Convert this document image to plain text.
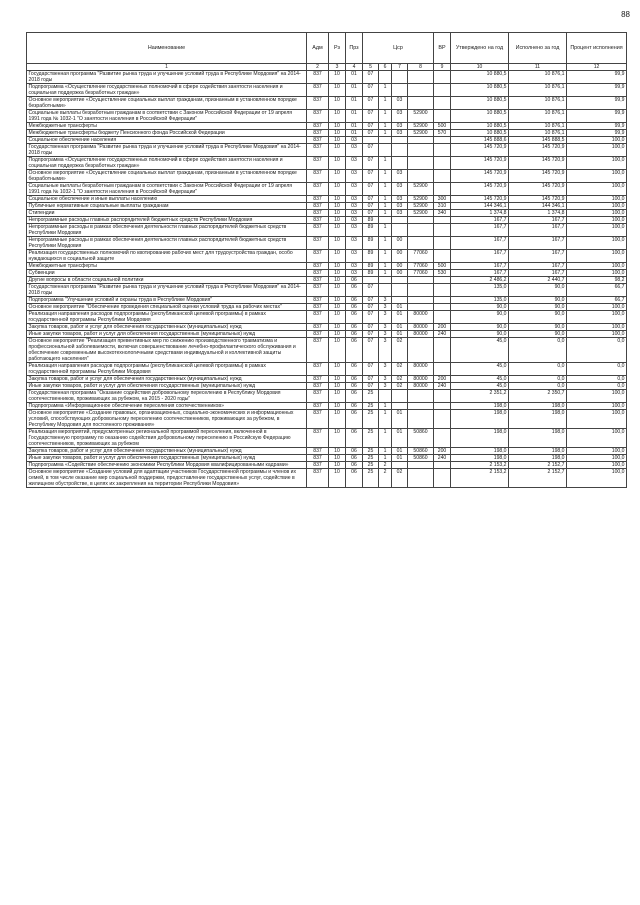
88
Наименование	Адм	Рз	Прз	Цср				ВР	Утверждено на год	Исполнено за год	Процент исполнения
1	2	3	4	5	6	7	8	9	10	11	12
Государственная программа "Развитие рынка труда и улучшение условий труда в Республике Мордовия" на 2014-2018 годы	837	10	01	07					10 880,5	10 876,1	99,9
Подпрограмма «Осуществление государственных полномочий в сфере содействия занятости населения и социальная поддержка безработных граждан»	837	10	01	07	1				10 880,5	10 876,1	99,9
Основное мероприятие «Осуществление социальных выплат гражданам, признанным в установленном порядке безработными»	837	10	01	07	1	03			10 880,5	10 876,1	99,9
Социальные выплаты безработным гражданам в соответствии с Законом Российской Федерации от 19 апреля 1991 года № 1032-1 "О занятости населения в Российской Федерации"	837	10	01	07	1	03	52900		10 880,5	10 876,1	99,9
Межбюджетные трансферты	837	10	01	07	1	03	52900	500	10 880,5	10 876,1	99,9
Межбюджетные трансферты бюджету Пенсионного фонда Российской Федерации	837	10	01	07	1	03	52900	570	10 880,5	10 876,1	99,9
Социальное обеспечение населения	837	10	03						145 888,6	145 888,5	100,0
Государственная программа "Развитие рынка труда и улучшение условий труда в Республике Мордовия" на 2014-2018 годы	837	10	03	07					145 720,9	145 720,9	100,0
Подпрограмма «Осуществление государственных полномочий в сфере содействия занятости населения и социальная поддержка безработных граждан»	837	10	03	07	1				145 720,9	145 720,9	100,0
Основное мероприятие «Осуществление социальных выплат гражданам, признанным в установленном порядке безработными»	837	10	03	07	1	03			145 720,9	145 720,9	100,0
Социальные выплаты безработным гражданам в соответствии с Законом Российской Федерации от 19 апреля 1991 года № 1032-1 "О занятости населения в Российской Федерации"	837	10	03	07	1	03	52900		145 720,9	145 720,9	100,0
Социальное обеспечение и иные выплаты населению	837	10	03	07	1	03	52900	300	145 720,9	145 720,9	100,0
Публичные нормативные социальные выплаты гражданам	837	10	03	07	1	03	52900	310	144 346,1	144 346,1	100,0
Стипендии	837	10	03	07	1	03	52900	340	1 374,8	1 374,8	100,0
Непрограммные расходы главных распорядителей бюджетных средств Республики Мордовия	837	10	03	89					167,7	167,7	100,0
Непрограммные расходы в рамках обеспечения деятельности главных распорядителей бюджетных средств Республики Мордовия	837	10	03	89	1				167,7	167,7	100,0
Непрограммные расходы в рамках обеспечения деятельности главных распорядителей бюджетных средств Республики Мордовия	837	10	03	89	1	00			167,7	167,7	100,0
Реализация государственных полномочий по квотированию рабочих мест для трудоустройства граждан, особо нуждающихся в социальной защите	837	10	03	89	1	00	77060		167,7	167,7	100,0
Межбюджетные трансферты	837	10	03	89	1	00	77060	500	167,7	167,7	100,0
Субвенции	837	10	03	89	1	00	77060	530	167,7	167,7	100,0
Другие вопросы в области социальной политики	837	10	06						2 486,2	2 440,7	98,2
Государственная программа "Развитие рынка труда и улучшение условий труда в Республике Мордовия" на 2014-2018 годы	837	10	06	07					135,0	90,0	66,7
Подпрограмма "Улучшение условий и охраны труда в Республике Мордовия"	837	10	06	07	3				135,0	90,0	66,7
Основное мероприятие "Обеспечение проведения специальной оценки условий труда на рабочих местах"	837	10	06	07	3	01			90,0	90,0	100,0
Реализация направления расходов подпрограммы (республиканской целевой программы) в рамках государственной программы Республики Мордовия	837	10	06	07	3	01	80000		90,0	90,0	100,0
Закупка товаров, работ и услуг для обеспечения государственных (муниципальных) нужд	837	10	06	07	3	01	80000	200	90,0	90,0	100,0
Иные закупки товаров, работ и услуг для обеспечения государственных (муниципальных) нужд	837	10	06	07	3	01	80000	240	90,0	90,0	100,0
Основное мероприятие "Реализация превентивных мер по снижению производственного травматизма и профессиональной заболеваемости, включая совершенствование лечебно-профилактического обслуживания и обеспечение современными высокотехнологичными средствами индивидуальной и коллективной защиты работающего населения"	837	10	06	07	3	02			45,0	0,0	0,0
Реализация направления расходов подпрограммы (республиканской целевой программы) в рамках государственной программы Республики Мордовия	837	10	06	07	3	02	80000		45,0	0,0	0,0
Закупка товаров, работ и услуг для обеспечения государственных (муниципальных) нужд	837	10	06	07	3	02	80000	200	45,0	0,0	0,0
Иные закупки товаров, работ и услуг для обеспечения государственных (муниципальных) нужд	837	10	06	07	3	02	80000	240	45,0	0,0	0,0
Государственная программа "Оказание содействия добровольному переселению в Республику Мордовия соотечественников, проживающих за рубежом, на 2015 - 2020 годы"	837	10	06	25					2 351,2	2 350,7	100,0
Подпрограмма «Информационное обеспечение переселения соотечественников»	837	10	06	25	1				198,0	198,0	100,0
Основное мероприятие «Создание правовых, организационных, социально-экономических и информационных условий, способствующих добровольному переселению соотечественников, проживающих за рубежом, в Республику Мордовия для постоянного проживания»	837	10	06	25	1	01			198,0	198,0	100,0
Реализация мероприятий, предусмотренных региональной программой переселения, включенной в Государственную программу по оказанию содействия добровольному переселению в Российскую Федерацию соотечественников, проживающих за рубежом	837	10	06	25	1	01	50860		198,0	198,0	100,0
Закупка товаров, работ и услуг для обеспечения государственных (муниципальных) нужд	837	10	06	25	1	01	50860	200	198,0	198,0	100,0
Иные закупки товаров, работ и услуг для обеспечения государственных (муниципальных) нужд	837	10	06	25	1	01	50860	240	198,0	198,0	100,0
Подпрограмма «Содействие обеспечению экономики Республики Мордовия квалифицированными кадрами»	837	10	06	25	2				2 153,2	2 152,7	100,0
Основное мероприятие «Создание условий для адаптации участников Государственной программы и членов их семей, в том числе оказание мер социальной поддержки, предоставление государственных услуг, содействие в жилищном обустройстве, в целях их закрепления на территории Республики Мордовия»	837	10	06	25	2	02			2 153,2	2 152,7	100,0
